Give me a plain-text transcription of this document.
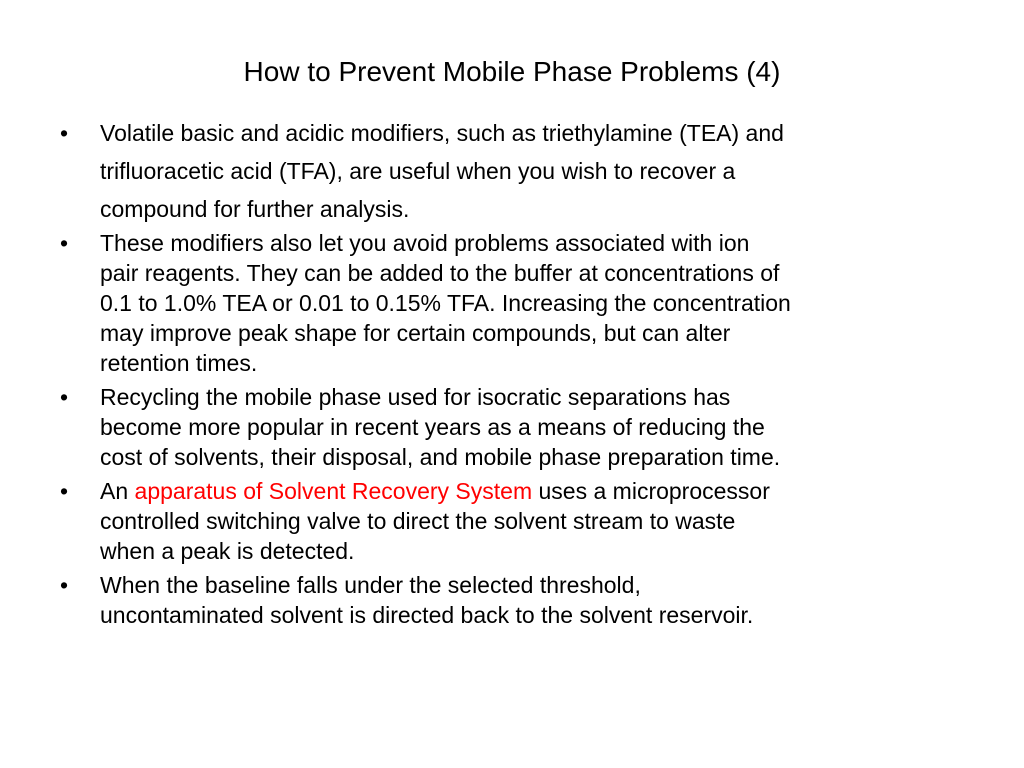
How to Prevent Mobile Phase Problems (4)
•	Volatile basic and acidic modifiers, such as triethylamine (TEA) and
trifluoracetic acid (TFA), are useful when you wish to recover a
compound for further analysis.
•	These modifiers also let you avoid problems associated with ion
pair reagents. They can be added to the buffer at concentrations of
0.1 to 1.0% TEA or 0.01 to 0.15% TFA. Increasing the concentration
may improve peak shape for certain compounds, but can alter
retention times.
•	Recycling the mobile phase used for isocratic separations has
become more popular in recent years as a means of reducing the
cost of solvents, their disposal, and mobile phase preparation time.
•	An apparatus of Solvent Recovery System uses a microprocessor
controlled switching valve to direct the solvent stream to waste
when a peak is detected.
•	When the baseline falls under the selected threshold,
uncontaminated solvent is directed back to the solvent reservoir.
